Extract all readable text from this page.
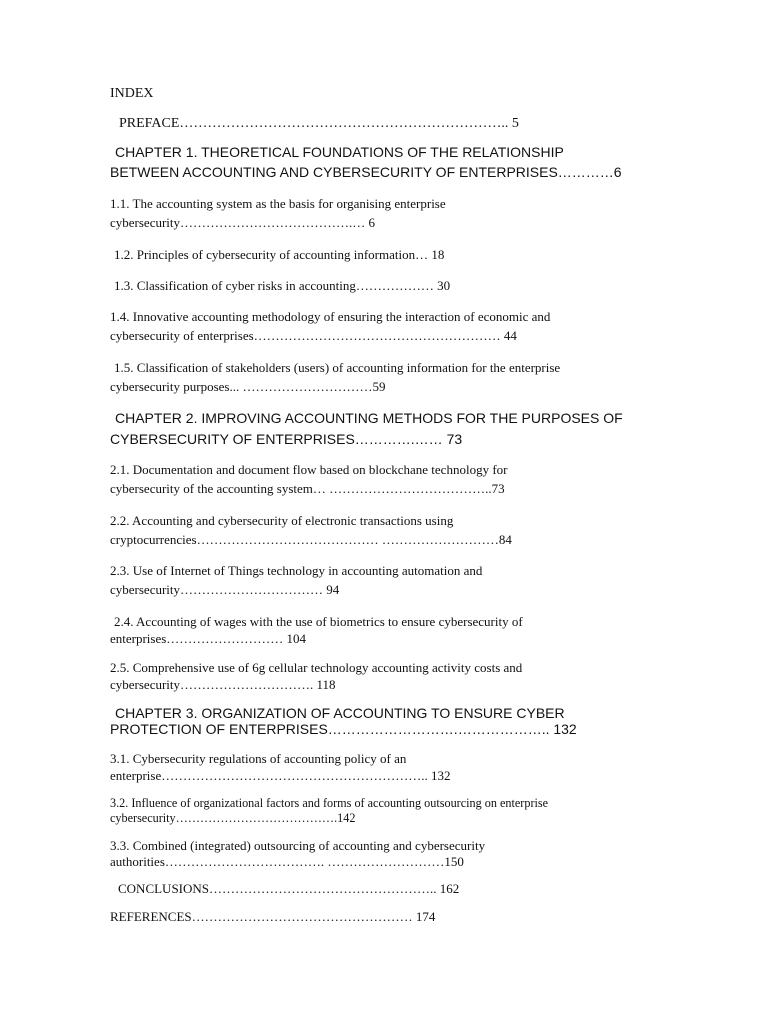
INDEX
PREFACE…………………………………………………………….. 5
CHAPTER 1. THEORETICAL FOUNDATIONS OF THE RELATIONSHIP
BETWEEN ACCOUNTING AND CYBERSECURITY OF ENTERPRISES…………6
1.1. The accounting system as the basis for organising enterprise
cybersecurity………………………………….… 6
1.2. Principles of cybersecurity of accounting information… 18
1.3. Classification of cyber risks in accounting……………… 30
1.4. Innovative accounting methodology of ensuring the interaction of economic and
cybersecurity of enterprises………………………………………………… 44
1.5. Classification of stakeholders (users) of accounting information for the enterprise
cybersecurity purposes... …………………………59
CHAPTER 2. IMPROVING ACCOUNTING METHODS FOR THE PURPOSES OF
CYBERSECURITY OF ENTERPRISES………….…… 73
2.1. Documentation and document flow based on blockchane technology for
cybersecurity of the accounting system… ………………………………..73
2.2. Accounting and cybersecurity of electronic transactions using
cryptocurrencies…………………………………… ………………………84
2.3. Use of Internet of Things technology in accounting automation and
cybersecurity…………………………… 94
2.4. Accounting of wages with the use of biometrics to ensure cybersecurity of
enterprises……………………… 104
2.5. Comprehensive use of 6g cellular technology accounting activity costs and
cybersecurity…………………………. 118
CHAPTER 3. ORGANIZATION OF ACCOUNTING TO ENSURE CYBER
PROTECTION OF ENTERPRISES……………………….……………….. 132
3.1. Cybersecurity regulations of accounting policy of an
enterprise…………………………………………………….. 132
3.2. Influence of organizational factors and forms of accounting outsourcing on enterprise
cybersecurity………………………………….142
3.3. Combined (integrated) outsourcing of accounting and cybersecurity
authorities………………………………. ………………………150
CONCLUSIONS…………………………………………….. 162
REFERENCES…………………………………………… 174
